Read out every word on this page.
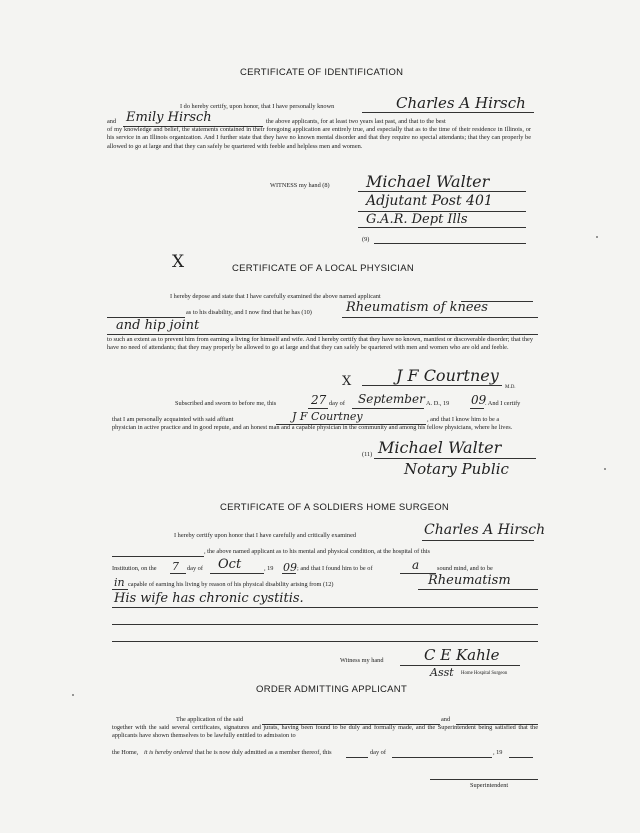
CERTIFICATE OF IDENTIFICATION
I do hereby certify, upon honor, that I have personally known	Charles A Hirsch
and Emily Hirsch	the above applicants, for at least two years last past, and that to the best
of my knowledge and belief, the statements contained in their foregoing application are entirely true, and especially that as to the time of their residence in Illinois, or his service in an Illinois organization. And I further state that they have no known mental disorder and that they require no special attendants; that they can properly be allowed to go at large and that they can safely be quartered with feeble and helpless men and women.
WITNESS my hand (8) Michael Walter
Adjutant Post 401
G.A.R. Dept Ills
(9)
X	CERTIFICATE OF A LOCAL PHYSICIAN
I hereby depose and state that I have carefully examined the above named applicant
as to his disability, and I now find that he has (10)	Rheumatism of knees
and hip joint
to such an extent as to prevent him from earning a living for himself and wife. And I hereby certify that they have no known, manifest or discoverable disorder; that they have no need of attendants; that they may properly be allowed to go at large and that they can safely be quartered with men and women who are old and feeble.
X	J F Courtney
M.D.
Subscribed and sworn to before me, this	27 day of September A. D., 19 09
. And I certify
that I am personally acquainted with said affiant	J F Courtney	, and that I know him to be a
physician in active practice and in good repute, and an honest man and a capable physician in the community and among his fellow physicians, where he lives.
(11) Michael Walter
Notary Public
CERTIFICATE OF A SOLDIERS HOME SURGEON
I hereby certify upon honor that I have carefully and critically examined	Charles A Hirsch
, the above named applicant as to his mental and physical condition, at the hospital of this
Institution, on the 7 day of Oct	, 19 09 ; and that I found him to be of	a	sound mind, and to be
in capable of earning his living by reason of his physical disability arising from (12)	Rheumatism
His wife has chronic cystitis.
Witness my hand	C E Kahle
Asst Home Hospital Surgeon
ORDER ADMITTING APPLICANT
The application of the said	and
together with the said several certificates, signatures and jurats, having been found to be duly and formally made, and the Superintendent being satisfied that the applicants have shown themselves to be lawfully entitled to admission to
the Home, it is hereby ordered that he is now duly admitted as a member thereof, this	day of	, 19
Superintendent
